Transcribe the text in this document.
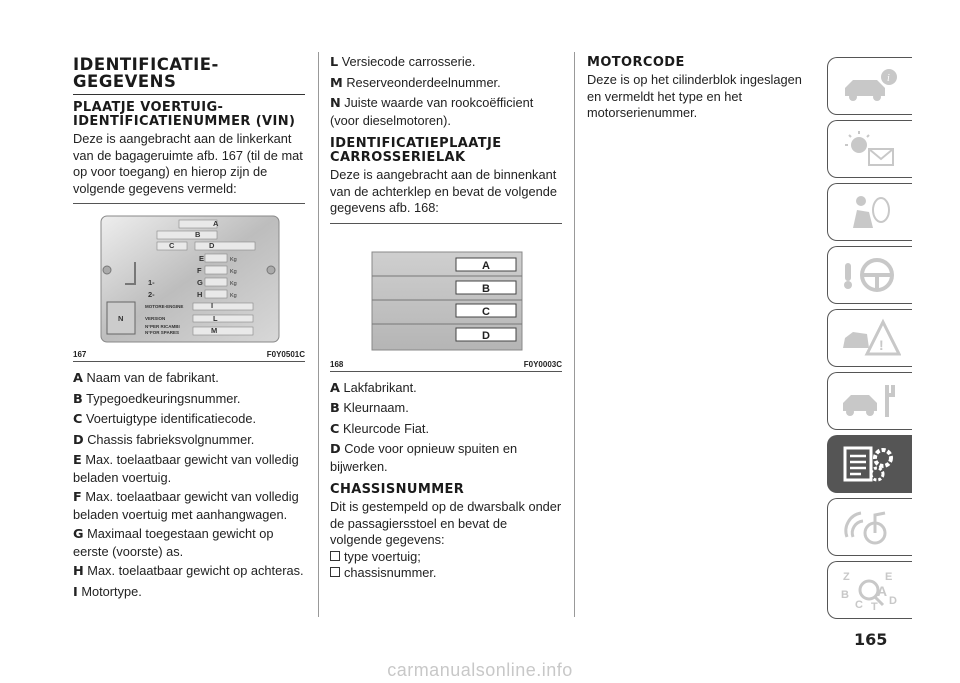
IDENTIFICATIE-GEGEVENS
PLAATJE VOERTUIG-IDENTIFICATIENUMMER (VIN)

Deze is aangebracht aan de linkerkant van de bagageruimte afb. 167 (til de mat op voor toegang) en hierop zijn de volgende gegevens vermeld:

A
B
C	D
E
F
G
H
I
L
M
N
1-
2-
Kg
Kg
Kg
Kg
MOTORE-ENGINE
VERSION
N°PER RICAMBI
N°FOR SPARES
167	F0Y0501C
A Naam van de fabrikant.
B Typegoedkeuringsnummer.
C Voertuigtype identificatiecode.
D Chassis fabrieksvolgnummer.
E Max. toelaatbaar gewicht van volledig beladen voertuig.
F Max. toelaatbaar gewicht van volledig beladen voertuig met aanhangwagen.
G Maximaal toegestaan gewicht op eerste (voorste) as.
H Max. toelaatbaar gewicht op achteras.
I Motortype.
L Versiecode carrosserie.
M Reserveonderdeelnummer.
N Juiste waarde van rookcoëfficient (voor dieselmotoren).
IDENTIFICATIEPLAATJE CARROSSERIELAK

Deze is aangebracht aan de binnenkant van de achterklep en bevat de volgende gegevens afb. 168:

A
B
C
D
168	F0Y0003C
A Lakfabrikant.
B Kleurnaam.
C Kleurcode Fiat.
D Code voor opnieuw spuiten en bijwerken.
CHASSISNUMMER

Dit is gestempeld op de dwarsbalk onder de passagiersstoel en bevat de volgende gegevens:

type voertuig;
chassisnummer.
MOTORCODE

Deze is op het cilinderblok ingeslagen en vermeldt het type en het motorserienummer.

i
!
Z	E
B
C D
A
T
165
carmanualsonline.info
